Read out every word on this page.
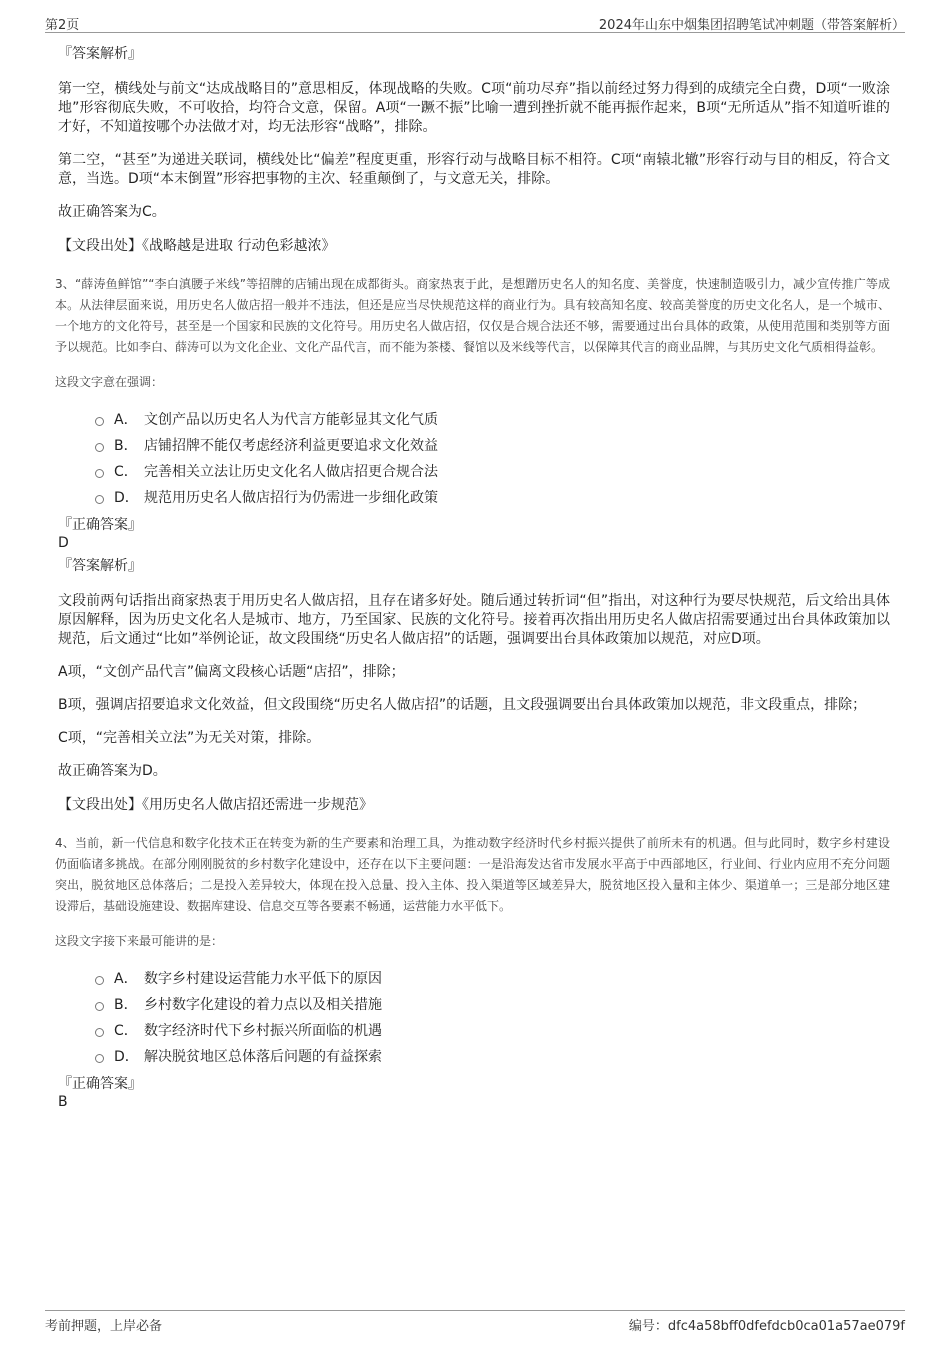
第2页	2024年山东中烟集团招聘笔试冲刺题（带答案解析）
『答案解析』

第一空，横线处与前文“达成战略目的”意思相反，体现战略的失败。C项“前功尽弃”指以前经过努力得到的成绩完全白费，D项“一败涂地”形容彻底失败，不可收拾，均符合文意，保留。A项“一蹶不振”比喻一遭到挫折就不能再振作起来，B项“无所适从”指不知道听谁的才好，不知道按哪个办法做才对，均无法形容“战略”，排除。

第二空，“甚至”为递进关联词，横线处比“偏差”程度更重，形容行动与战略目标不相符。C项“南辕北辙”形容行动与目的相反，符合文意，当选。D项“本末倒置”形容把事物的主次、轻重颠倒了，与文意无关，排除。

故正确答案为C。

【文段出处】《战略越是进取 行动色彩越浓》

3、“薛涛鱼鲜馆”“李白滇腰子米线”等招牌的店铺出现在成都街头。商家热衷于此，是想蹭历史名人的知名度、美誉度，快速制造吸引力，减少宣传推广等成本。从法律层面来说，用历史名人做店招一般并不违法，但还是应当尽快规范这样的商业行为。具有较高知名度、较高美誉度的历史文化名人，是一个城市、一个地方的文化符号，甚至是一个国家和民族的文化符号。用历史名人做店招，仅仅是合规合法还不够，需要通过出台具体的政策，从使用范围和类别等方面予以规范。比如李白、薛涛可以为文化企业、文化产品代言，而不能为茶楼、餐馆以及米线等代言，以保障其代言的商业品牌，与其历史文化气质相得益彰。

这段文字意在强调：

A． 文创产品以历史名人为代言方能彰显其文化气质
B． 店铺招牌不能仅考虑经济利益更要追求文化效益
C． 完善相关立法让历史文化名人做店招更合规合法
D． 规范用历史名人做店招行为仍需进一步细化政策
『正确答案』
D
『答案解析』

文段前两句话指出商家热衷于用历史名人做店招，且存在诸多好处。随后通过转折词“但”指出，对这种行为要尽快规范，后文给出具体原因解释，因为历史文化名人是城市、地方，乃至国家、民族的文化符号。接着再次指出用历史名人做店招需要通过出台具体政策加以规范，后文通过“比如”举例论证，故文段围绕“历史名人做店招”的话题，强调要出台具体政策加以规范，对应D项。

A项，“文创产品代言”偏离文段核心话题“店招”，排除；

B项，强调店招要追求文化效益，但文段围绕“历史名人做店招”的话题，且文段强调要出台具体政策加以规范，非文段重点，排除；

C项，“完善相关立法”为无关对策，排除。

故正确答案为D。

【文段出处】《用历史名人做店招还需进一步规范》

4、当前，新一代信息和数字化技术正在转变为新的生产要素和治理工具，为推动数字经济时代乡村振兴提供了前所未有的机遇。但与此同时，数字乡村建设仍面临诸多挑战。在部分刚刚脱贫的乡村数字化建设中，还存在以下主要问题：一是沿海发达省市发展水平高于中西部地区，行业间、行业内应用不充分问题突出，脱贫地区总体落后；二是投入差异较大，体现在投入总量、投入主体、投入渠道等区域差异大，脱贫地区投入量和主体少、渠道单一；三是部分地区建设滞后，基础设施建设、数据库建设、信息交互等各要素不畅通，运营能力水平低下。

这段文字接下来最可能讲的是：

A． 数字乡村建设运营能力水平低下的原因
B． 乡村数字化建设的着力点以及相关措施
C． 数字经济时代下乡村振兴所面临的机遇
D． 解决脱贫地区总体落后问题的有益探索
『正确答案』
B
考前押题，上岸必备	编号：dfc4a58bff0dfefdcb0ca01a57ae079f
